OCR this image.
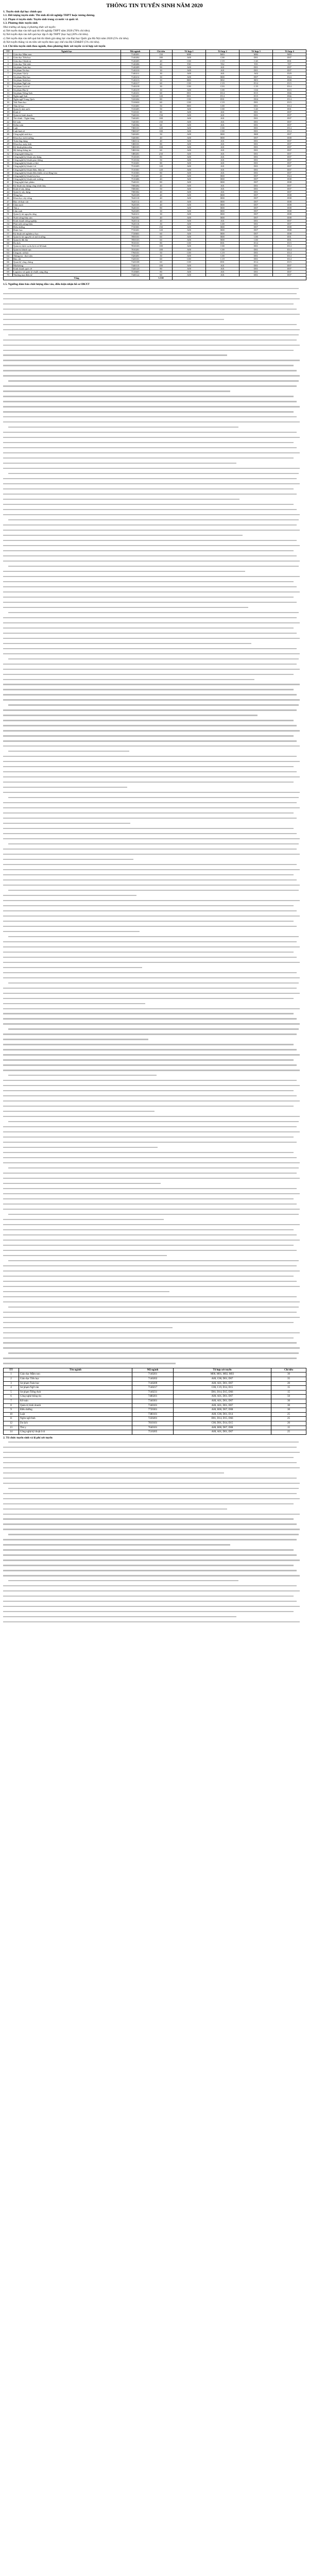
THÔNG TIN TUYỂN SINH NĂM 2020

1. Tuyển sinh đại học chính quy

1.1. Đối tượng tuyển sinh: Thí sinh đã tốt nghiệp THPT hoặc tương đương.

1.2. Phạm vi tuyển sinh: Tuyển sinh trong cả nước và quốc tế.

1.3. Phương thức tuyển sinh

Nhà trường sử dụng 4 phương thức xét tuyển:

a) Xét tuyển dựa vào kết quả thi tốt nghiệp THPT năm 2020 (70% chỉ tiêu).

b) Xét tuyển dựa vào kết quả học tập ở cấp THPT (học bạ) (20% chỉ tiêu).

c) Xét tuyển dựa vào kết quả bài thi đánh giá năng lực của Đại học Quốc gia Hà Nội năm 2020 (5% chỉ tiêu).

d) Xét tuyển thẳng và ưu tiên xét tuyển theo quy chế của Bộ GD&ĐT (5% chỉ tiêu).

1.4. Chỉ tiêu tuyển sinh theo ngành, theo phương thức xét tuyển và tổ hợp xét tuyển

TT	Ngành học	Mã ngành	Chỉ tiêu	Tổ hợp 1	Tổ hợp 2	Tổ hợp 3	Tổ hợp 4
1	Giáo dục Mầm non	7140201	150	M00	M01	M02	M03
2	Giáo dục Tiểu học	7140202	180	A00	C00	D01	D07
3	Giáo dục Chính trị	7140205	40	C00	C19	C20	D01
4	Giáo dục Thể chất	7140206	40	T00	T02	T05	T07
5	Sư phạm Toán học	7140209	90	A00	A01	D01	D07
6	Sư phạm Tin học	7140210	30	A00	A01	D01	D07
7	Sư phạm Vật lý	7140211	30	A00	A01	A02	D29
8	Sư phạm Hóa học	7140212	30	A00	B00	D07	D24
9	Sư phạm Sinh học	7140213	30	B00	B02	B03	D08
10	Sư phạm Ngữ văn	7140217	60	C00	C19	D14	D15
11	Sư phạm Lịch sử	7140218	30	C00	C03	C19	D14
12	Sư phạm Địa lý	7140219	30	A00	C00	C04	D15
13	Sư phạm Tiếng Anh	7140231	60	D01	D14	D15	D66
14	Ngôn ngữ Anh	7220201	120	D01	D14	D15	D66
15	Ngôn ngữ Trung Quốc	7220204	80	C00	D01	D04	D14
16	Việt Nam học	7310630	60	C00	C19	D01	D15
17	Tâm lý học	7310401	50	B00	C00	D01	D14
18	Quản lý nhà nước	7310205	50	A00	C00	C20	D01
19	Kinh tế	7310101	80	A00	A01	D01	D07
20	Quản trị kinh doanh	7340101	150	A00	A01	D01	D07
21	Tài chính - Ngân hàng	7340201	100	A00	A01	D01	D07
22	Kế toán	7340301	150	A00	A01	D01	D07
23	Kiểm toán	7340302	60	A00	A01	D01	D07
24	Luật	7380101	120	A00	C00	D01	D14
25	Luật kinh tế	7380107	100	A00	C00	D01	D14
26	Công nghệ sinh học	7420201	50	A00	B00	B08	D07
27	Khoa học môi trường	7440301	40	A00	B00	D07	D08
28	Toán ứng dụng	7460112	40	A00	A01	D01	D07
29	Khoa học máy tính	7480101	80	A00	A01	D01	D07
30	Kỹ thuật phần mềm	7480103	100	A00	A01	D01	D07
31	Hệ thống thông tin	7480104	60	A00	A01	D01	D07
32	Công nghệ thông tin	7480201	250	A00	A01	D01	D07
33	Công nghệ kỹ thuật xây dựng	7510103	80	A00	A01	D01	D07
34	Công nghệ kỹ thuật giao thông	7510104	50	A00	A01	D01	D07
35	Công nghệ kỹ thuật cơ khí	7510201	80	A00	A01	D01	D07
36	Công nghệ kỹ thuật ô tô	7510205	120	A00	A01	D01	D07
37	Công nghệ kỹ thuật điện, điện tử	7510301	120	A00	A01	D01	D07
38	Công nghệ kỹ thuật điều khiển và tự động hóa	7510303	80	A00	A01	D01	D07
39	Công nghệ kỹ thuật hóa học	7510401	40	A00	B00	D07	D24
40	Công nghệ kỹ thuật môi trường	7510406	40	A00	B00	D07	D08
41	Công nghệ thực phẩm	7540101	80	A00	B00	D07	D08
42	Kỹ thuật xây dựng công trình thủy	7580202	40	A00	A01	D01	D07
43	Kinh tế xây dựng	7580301	50	A00	A01	D01	D07
44	Quản lý xây dựng	7580302	40	A00	A01	D01	D07
45	Nông học	7620109	40	A00	B00	D07	D08
46	Khoa học cây trồng	7620110	40	A00	B00	D07	D08
47	Bảo vệ thực vật	7620112	40	A00	B00	D07	D08
48	Chăn nuôi	7620105	40	A00	B00	D07	D08
49	Thú y	7640101	80	A00	B00	D07	D08
50	Lâm sinh	7620205	30	A00	B00	D07	D08
51	Quản lý tài nguyên rừng	7620211	30	A00	B00	D07	D08
52	Nuôi trồng thủy sản	7620301	40	A00	B00	D07	D08
53	Kinh doanh nông nghiệp	7620114	40	A00	A01	D01	D07
54	Phát triển nông thôn	7620116	30	A00	C00	D01	D07
55	Điều dưỡng	7720301	150	A00	B00	D07	D08
56	Dược học	7720201	120	A00	B00	D07	D08
57	Kỹ thuật xét nghiệm y học	7720601	60	A00	B00	D07	D08
58	Quản lý tài nguyên và môi trường	7850101	60	A00	B00	C00	D01
59	Quản lý đất đai	7850103	60	A00	B00	C00	D01
60	Du lịch	7810101	80	C00	D01	D14	D15
61	Quản trị dịch vụ du lịch và lữ hành	7810103	100	A00	C00	D01	D14
62	Quản trị khách sạn	7810201	100	A00	C00	D01	D14
63	Công tác xã hội	7760101	50	C00	C19	D01	D14
64	Thông tin - thư viện	7320201	30	A00	C00	D01	D14
65	Báo chí	7320101	60	C00	C19	D01	D14
66	Quan hệ công chúng	7320108	60	C00	D01	D14	D15
67	Marketing	7340115	100	A00	A01	D01	D07
68	Kinh doanh quốc tế	7340120	80	A00	A01	D01	D07
69	Logistics và quản lý chuỗi cung ứng	7510605	80	A00	A01	D01	D07
70	Thương mại điện tử	7340122	60	A00	A01	D01	D07
Tổng			5.530				

1.5. Ngưỡng đảm bảo chất lượng đầu vào, điều kiện nhận hồ sơ ĐKXT

TT	Tên ngành	Mã ngành	Tổ hợp xét tuyển	Chỉ tiêu
1	Giáo dục Mầm non	7140201	M00, M01, M02, M03	30
2	Giáo dục Tiểu học	7140202	A00, C00, D01, D07	35
3	Sư phạm Toán học	7140209	A00, A01, D01, D07	20
4	Sư phạm Ngữ văn	7140217	C00, C19, D14, D15	15
5	Sư phạm Tiếng Anh	7140231	D01, D14, D15, D66	15
6	Công nghệ thông tin	7480201	A00, A01, D01, D07	50
7	Kế toán	7340301	A00, A01, D01, D07	30
8	Quản trị kinh doanh	7340101	A00, A01, D01, D07	30
9	Điều dưỡng	7720301	A00, B00, D07, D08	30
10	Luật	7380101	A00, C00, D01, D14	25
11	Ngôn ngữ Anh	7220201	D01, D14, D15, D66	25
12	Du lịch	7810101	C00, D01, D14, D15	20
13	Thú y	7640101	A00, B00, D07, D08	15
14	Công nghệ kỹ thuật ô tô	7510205	A00, A01, D01, D07	25

2. Tổ chức tuyển sinh và lệ phí xét tuyển
